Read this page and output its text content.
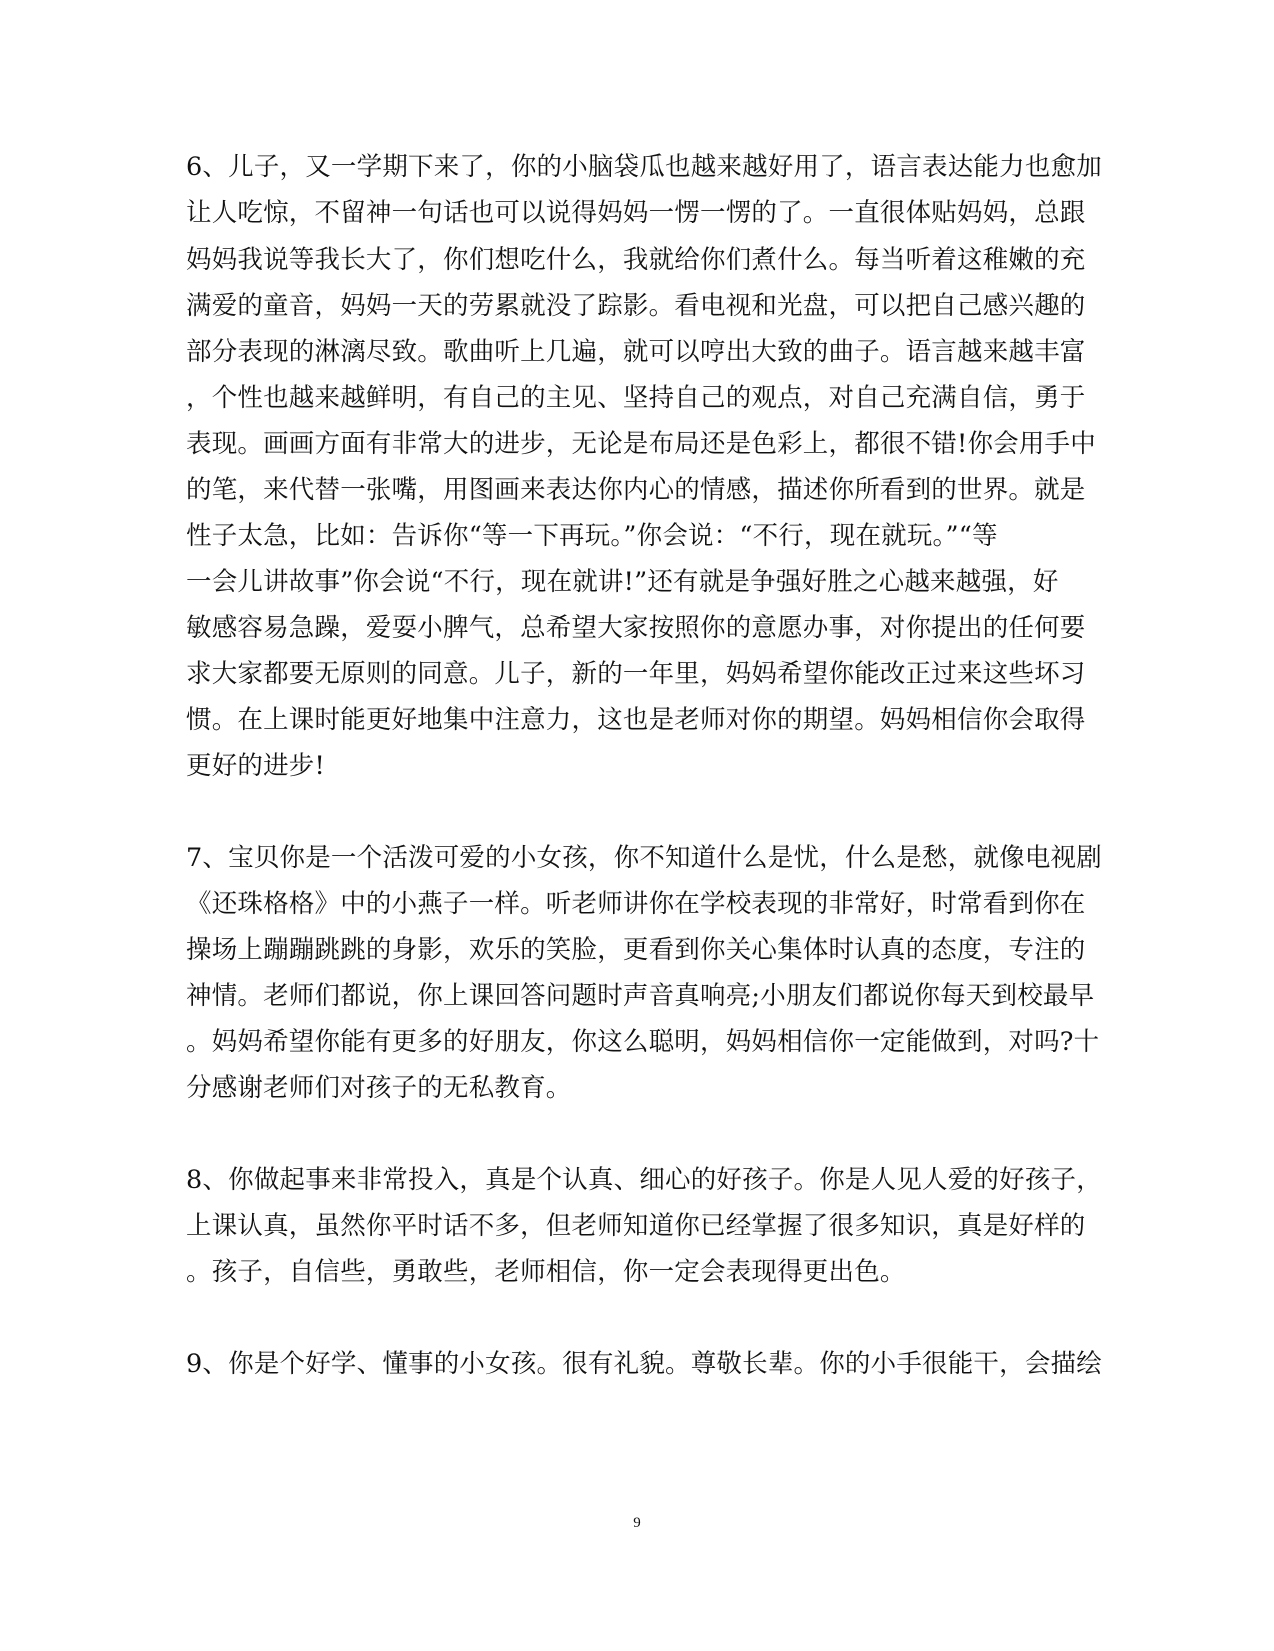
6、儿子，又一学期下来了，你的小脑袋瓜也越来越好用了，语言表达能力也愈加
让人吃惊，不留神一句话也可以说得妈妈一愣一愣的了。一直很体贴妈妈，总跟
妈妈我说等我长大了，你们想吃什么，我就给你们煮什么。每当听着这稚嫩的充
满爱的童音，妈妈一天的劳累就没了踪影。看电视和光盘，可以把自己感兴趣的
部分表现的淋漓尽致。歌曲听上几遍，就可以哼出大致的曲子。语言越来越丰富
，个性也越来越鲜明，有自己的主见、坚持自己的观点，对自己充满自信，勇于
表现。画画方面有非常大的进步，无论是布局还是色彩上，都很不错!你会用手中
的笔，来代替一张嘴，用图画来表达你内心的情感，描述你所看到的世界。就是
性子太急，比如：告诉你“等一下再玩。”你会说：“不行，现在就玩。”“等
一会儿讲故事”你会说“不行，现在就讲!”还有就是争强好胜之心越来越强，好
敏感容易急躁，爱耍小脾气，总希望大家按照你的意愿办事，对你提出的任何要
求大家都要无原则的同意。儿子，新的一年里，妈妈希望你能改正过来这些坏习
惯。在上课时能更好地集中注意力，这也是老师对你的期望。妈妈相信你会取得
更好的进步!
7、宝贝你是一个活泼可爱的小女孩，你不知道什么是忧，什么是愁，就像电视剧
《还珠格格》中的小燕子一样。听老师讲你在学校表现的非常好，时常看到你在
操场上蹦蹦跳跳的身影，欢乐的笑脸，更看到你关心集体时认真的态度，专注的
神情。老师们都说，你上课回答问题时声音真响亮;小朋友们都说你每天到校最早
。妈妈希望你能有更多的好朋友，你这么聪明，妈妈相信你一定能做到，对吗?十
分感谢老师们对孩子的无私教育。
8、你做起事来非常投入，真是个认真、细心的好孩子。你是人见人爱的好孩子，
上课认真，虽然你平时话不多，但老师知道你已经掌握了很多知识，真是好样的
。孩子，自信些，勇敢些，老师相信，你一定会表现得更出色。
9、你是个好学、懂事的小女孩。很有礼貌。尊敬长辈。你的小手很能干，会描绘
9
